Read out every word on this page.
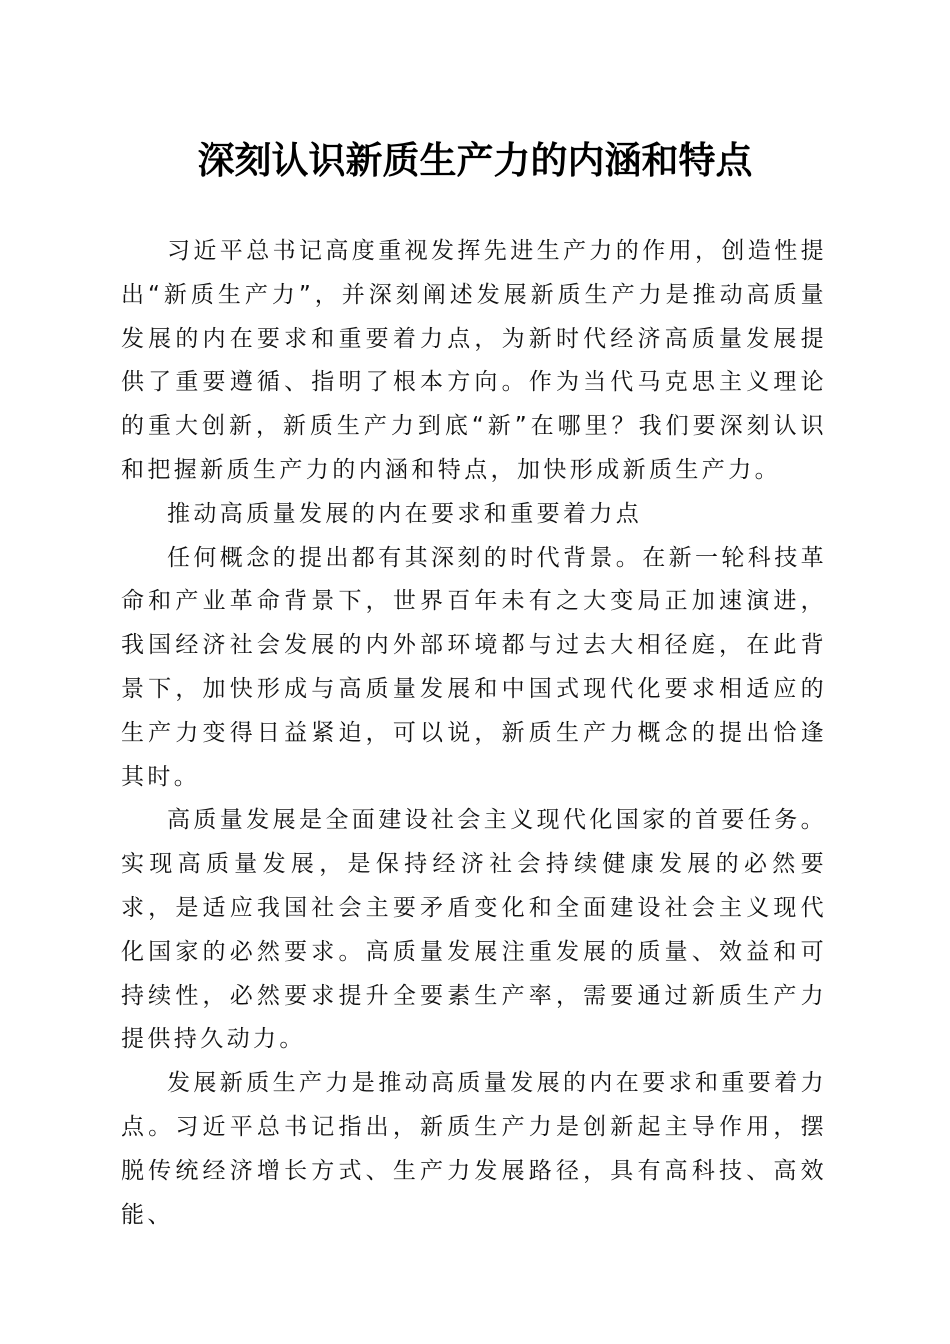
深刻认识新质生产力的内涵和特点

习近平总书记高度重视发挥先进生产力的作用，创造性提出“新质生产力”，并深刻阐述发展新质生产力是推动高质量发展的内在要求和重要着力点，为新时代经济高质量发展提供了重要遵循、指明了根本方向。作为当代马克思主义理论的重大创新，新质生产力到底“新”在哪里？我们要深刻认识和把握新质生产力的内涵和特点，加快形成新质生产力。

推动高质量发展的内在要求和重要着力点

任何概念的提出都有其深刻的时代背景。在新一轮科技革命和产业革命背景下，世界百年未有之大变局正加速演进，我国经济社会发展的内外部环境都与过去大相径庭，在此背景下，加快形成与高质量发展和中国式现代化要求相适应的生产力变得日益紧迫，可以说，新质生产力概念的提出恰逢其时。

高质量发展是全面建设社会主义现代化国家的首要任务。实现高质量发展，是保持经济社会持续健康发展的必然要求，是适应我国社会主要矛盾变化和全面建设社会主义现代化国家的必然要求。高质量发展注重发展的质量、效益和可持续性，必然要求提升全要素生产率，需要通过新质生产力提供持久动力。

发展新质生产力是推动高质量发展的内在要求和重要着力点。习近平总书记指出，新质生产力是创新起主导作用，摆脱传统经济增长方式、生产力发展路径，具有高科技、高效能、
